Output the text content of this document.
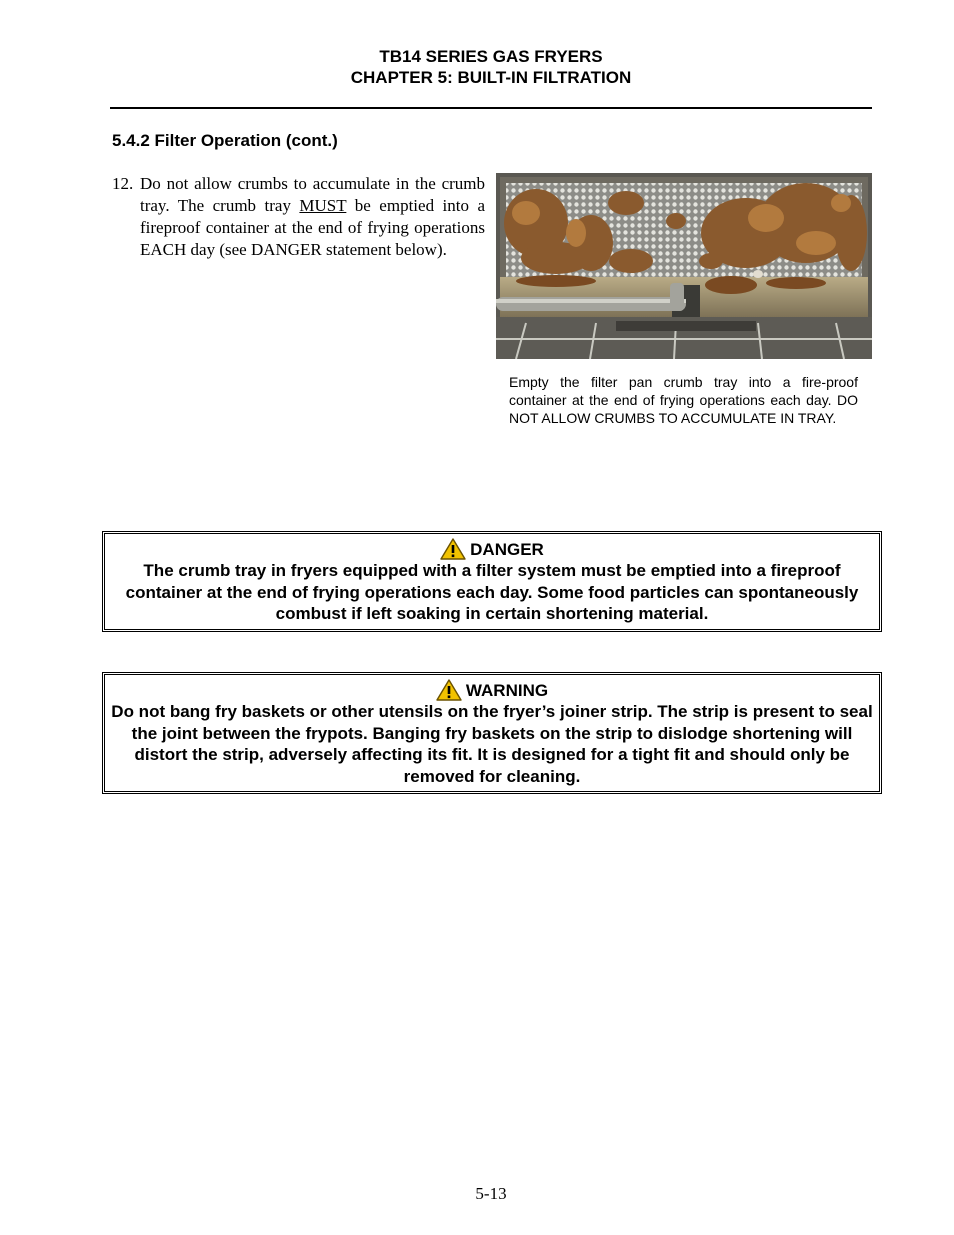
TB14 SERIES GAS FRYERS
CHAPTER 5: BUILT-IN FILTRATION
5.4.2 Filter Operation (cont.)
12. Do not allow crumbs to accumulate in the crumb tray. The crumb tray MUST be emptied into a fireproof container at the end of frying operations EACH day (see DANGER statement below).
Empty the filter pan crumb tray into a fire-proof container at the end of frying operations each day. DO NOT ALLOW CRUMBS TO ACCUMULATE IN TRAY.
DANGER
The crumb tray in fryers equipped with a filter system must be emptied into a fireproof container at the end of frying operations each day. Some food particles can spontaneously combust if left soaking in certain shortening material.
WARNING
Do not bang fry baskets or other utensils on the fryer’s joiner strip. The strip is present to seal the joint between the frypots. Banging fry baskets on the strip to dislodge shortening will distort the strip, adversely affecting its fit. It is designed for a tight fit and should only be removed for cleaning.
5-13
